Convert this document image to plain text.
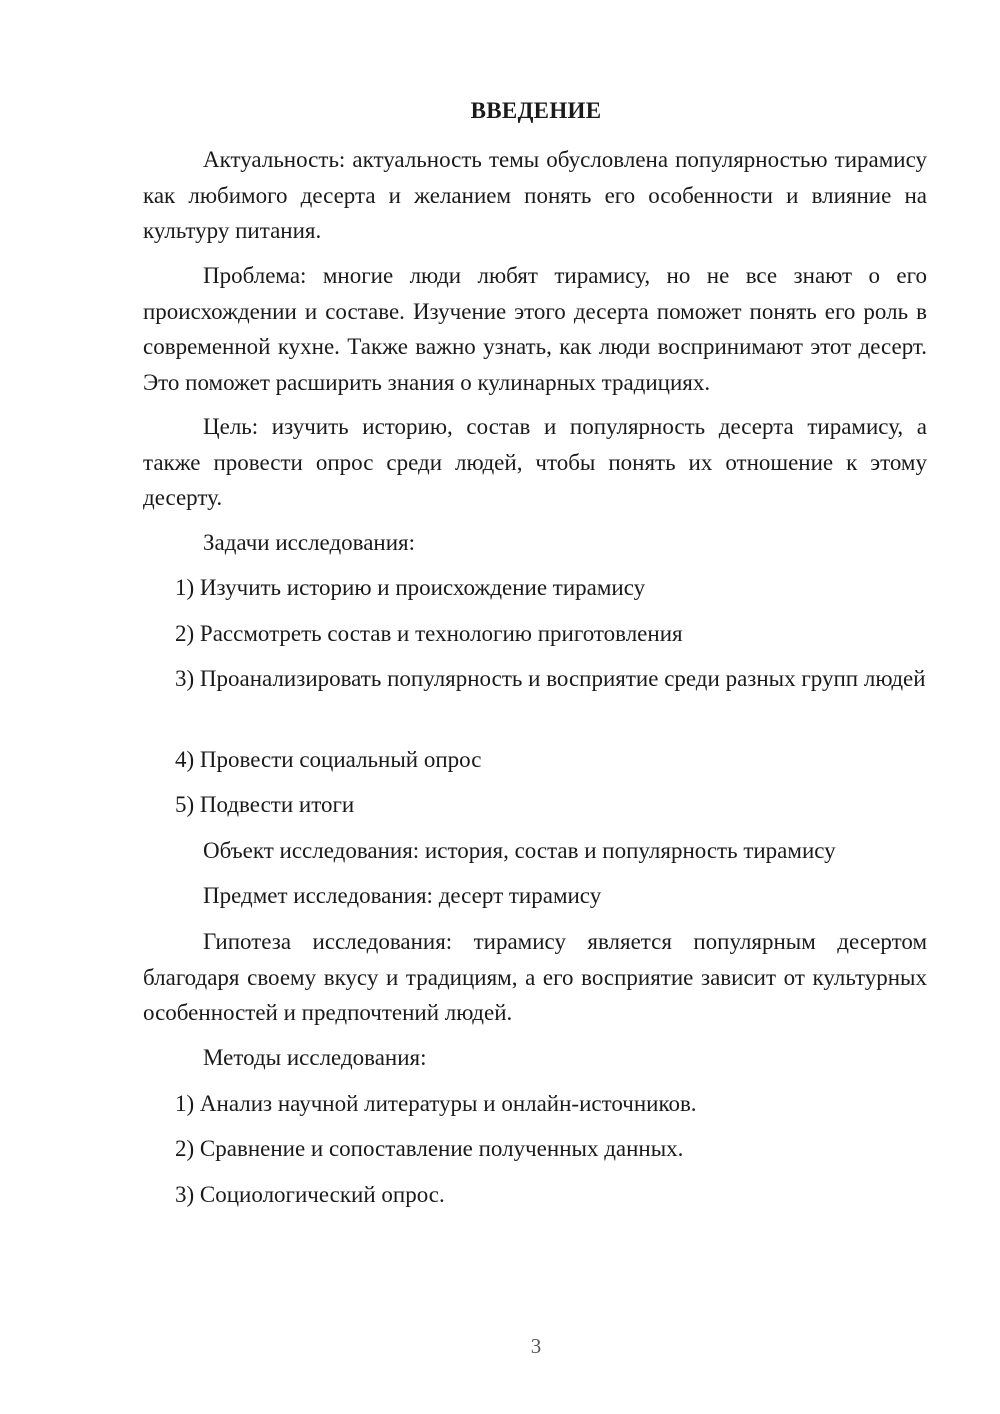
ВВЕДЕНИЕ
Актуальность: актуальность темы обусловлена популярностью тирамису как любимого десерта и желанием понять его особенности и влияние на культуру питания.
Проблема: многие люди любят тирамису, но не все знают о его происхождении и составе. Изучение этого десерта поможет понять его роль в современной кухне. Также важно узнать, как люди воспринимают этот десерт. Это поможет расширить знания о кулинарных традициях.
Цель: изучить историю, состав и популярность десерта тирамису, а также провести опрос среди людей, чтобы понять их отношение к этому десерту.
Задачи исследования:
1) Изучить историю и происхождение тирамису
2) Рассмотреть состав и технологию приготовления
3) Проанализировать популярность и восприятие среди разных групп людей
4) Провести социальный опрос
5) Подвести итоги
Объект исследования: история, состав и популярность тирамису
Предмет исследования: десерт тирамису
Гипотеза исследования: тирамису является популярным десертом благодаря своему вкусу и традициям, а его восприятие зависит от культурных особенностей и предпочтений людей.
Методы исследования:
1) Анализ научной литературы и онлайн-источников.
2) Сравнение и сопоставление полученных данных.
3) Социологический опрос.
3
